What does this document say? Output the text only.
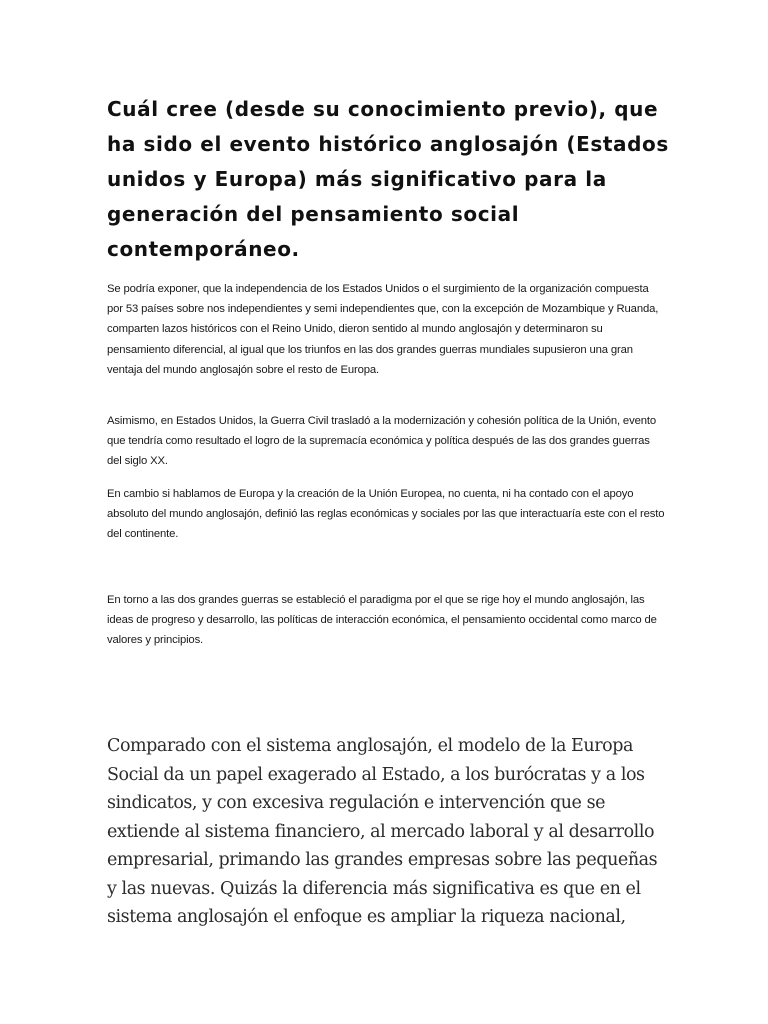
Cuál cree (desde su conocimiento previo), que ha sido el evento histórico anglosajón (Estados unidos y Europa) más significativo para la generación del pensamiento social contemporáneo.

Se podría exponer, que la independencia de los Estados Unidos o el surgimiento de la organización compuesta por 53 países sobre nos independientes y semi independientes que, con la excepción de Mozambique y Ruanda, comparten lazos históricos con el Reino Unido, dieron sentido al mundo anglosajón y determinaron su pensamiento diferencial, al igual que los triunfos en las dos grandes guerras mundiales supusieron una gran ventaja del mundo anglosajón sobre el resto de Europa.

Asimismo, en Estados Unidos, la Guerra Civil trasladó a la modernización y cohesión política de la Unión, evento que tendría como resultado el logro de la supremacía económica y política después de las dos grandes guerras del siglo XX.

En cambio si hablamos de Europa y la creación de la Unión Europea, no cuenta, ni ha contado con el apoyo absoluto del mundo anglosajón, definió las reglas económicas y sociales por las que interactuaría este con el resto del continente.

En torno a las dos grandes guerras se estableció el paradigma por el que se rige hoy el mundo anglosajón, las ideas de progreso y desarrollo, las políticas de interacción económica, el pensamiento occidental como marco de valores y principios.

Comparado con el sistema anglosajón, el modelo de la Europa Social da un papel exagerado al Estado, a los burócratas y a los sindicatos, y con excesiva regulación e intervención que se extiende al sistema financiero, al mercado laboral y al desarrollo empresarial, primando las grandes empresas sobre las pequeñas y las nuevas. Quizás la diferencia más significativa es que en el sistema anglosajón el enfoque es ampliar la riqueza nacional,
